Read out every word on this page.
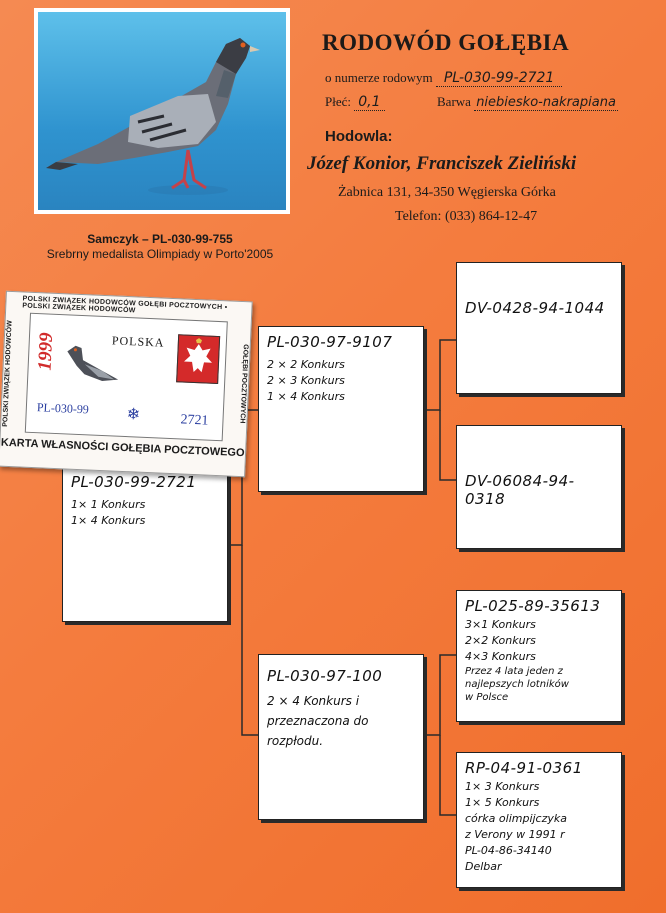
Samczyk – PL-030-99-755
Srebrny medalista Olimpiady w Porto'2005
RODOWÓD GOŁĘBIA
o numerze rodowym PL-030-99-2721
Płeć: 0,1	Barwa niebiesko-nakrapiana
Hodowla:
Józef Konior, Franciszek Zieliński
Żabnica 131, 34-350 Węgierska Górka
Telefon: (033) 864-12-47
PL-030-99-2721
1× 1 Konkurs
1× 4 Konkurs
PL-030-97-9107
2 × 2 Konkurs
2 × 3 Konkurs
1 × 4 Konkurs
PL-030-97-100
2 × 4 Konkurs i
przeznaczona do
rozpłodu.
DV-0428-94-1044
DV-06084-94-0318
PL-025-89-35613
3×1 Konkurs
2×2 Konkurs
4×3 Konkurs
Przez 4 lata jeden z
najlepszych lotników
w Polsce
RP-04-91-0361
1× 3 Konkurs
1× 5 Konkurs
córka olimpijczyka
z Verony w 1991 r
PL-04-86-34140
Delbar
POLSKI ZWIĄZEK HODOWCÓW GOŁĘBI POCZTOWYCH • POLSKI ZWIĄZEK HODOWCÓW
POLSKI ZWIĄZEK HODOWCÓW	GOŁĘBI POCZTOWYCH
1999	POLSKA
PL-030-99 ❄	2721
KARTA WŁASNOŚCI GOŁĘBIA POCZTOWEGO
